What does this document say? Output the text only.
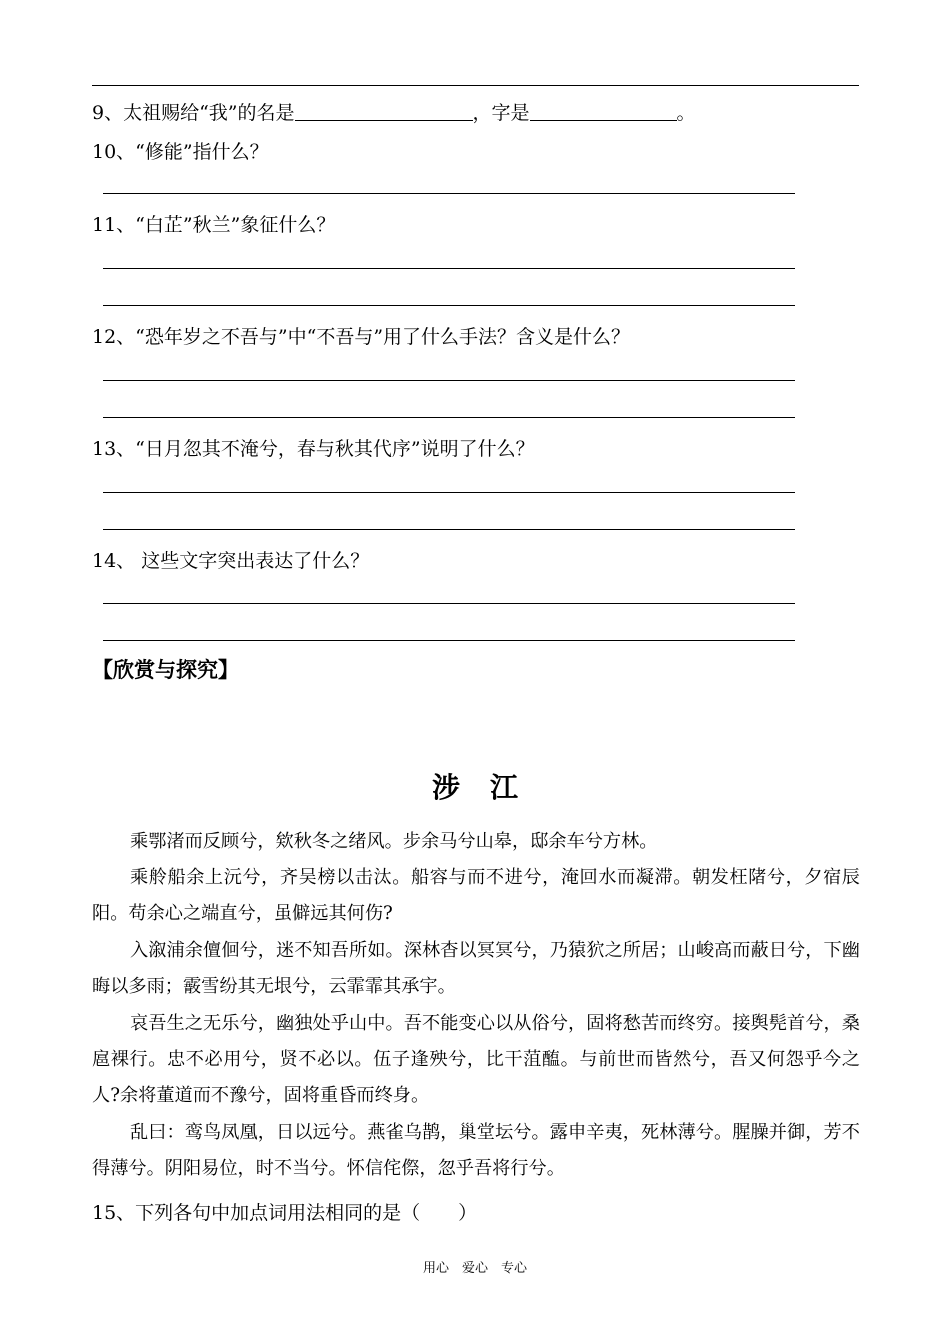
9、太祖赐给“我”的名是	，字是	。
10、“修能”指什么？
11、“白芷”秋兰”象征什么？
12、“恐年岁之不吾与”中“不吾与”用了什么手法？含义是什么？
13、“日月忽其不淹兮，春与秋其代序”说明了什么？
14、 这些文字突出表达了什么？
【欣赏与探究】
涉江
乘鄂渚而反顾兮，欸秋冬之绪风。步余马兮山皋，邸余车兮方林。
乘舲船余上沅兮，齐吴榜以击汰。船容与而不进兮，淹回水而凝滞。朝发枉陼兮，夕宿辰阳。苟余心之端直兮，虽僻远其何伤?
入溆浦余儃佪兮，迷不知吾所如。深林杳以冥冥兮，乃猿狖之所居；山峻高而蔽日兮，下幽晦以多雨；霰雪纷其无垠兮，云霏霏其承宇。
哀吾生之无乐兮，幽独处乎山中。吾不能变心以从俗兮，固将愁苦而终穷。接舆髡首兮，桑扈裸行。忠不必用兮，贤不必以。伍子逢殃兮，比干菹醢。与前世而皆然兮，吾又何怨乎今之人?余将董道而不豫兮，固将重昏而终身。
乱曰：鸾鸟凤凰，日以远兮。燕雀乌鹊，巢堂坛兮。露申辛夷，死林薄兮。腥臊并御，芳不得薄兮。阴阳易位，时不当兮。怀信侘傺，忽乎吾将行兮。
15、下列各句中加点词用法相同的是（　　）
用心　爱心　专心
